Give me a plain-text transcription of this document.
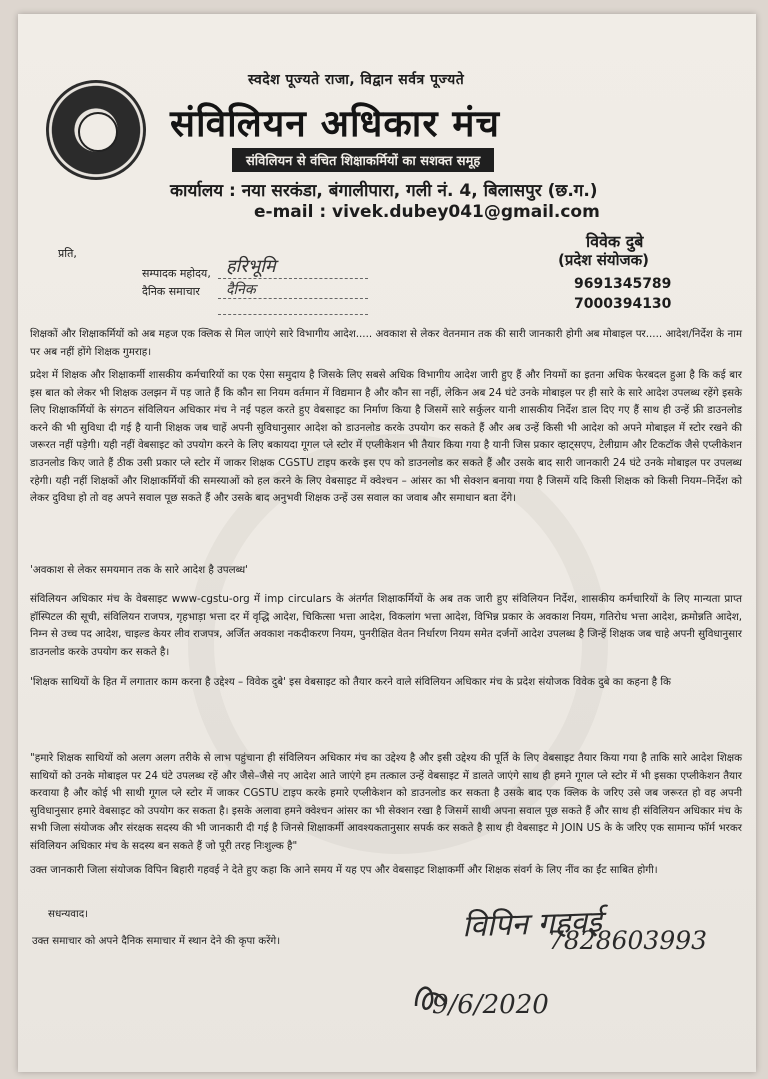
स्वदेश पूज्यते राजा, विद्वान सर्वत्र पूज्यते
संविलियन अधिकार मंच
संविलियन से वंचित शिक्षाकर्मियों का सशक्त समूह
कार्यालय : नया सरकंडा, बंगालीपारा, गली नं. 4, बिलासपुर (छ.ग.)
e-mail : vivek.dubey041@gmail.com
विवेक दुबे
(प्रदेश संयोजक)
9691345789
7000394130
प्रति,
सम्पादक महोदय,
दैनिक समाचार
हरिभूमि
दैनिक
शिक्षकों और शिक्षाकर्मियों को अब महज एक क्लिक से मिल जाएंगे सारे विभागीय आदेश..... अवकाश से लेकर वेतनमान तक की सारी जानकारी होगी अब मोबाइल पर..... आदेश/निर्देश के नाम पर अब नहीं होंगे शिक्षक गुमराह।
प्रदेश में शिक्षक और शिक्षाकर्मी शासकीय कर्मचारियों का एक ऐसा समुदाय है जिसके लिए सबसे अधिक विभागीय आदेश जारी हुए हैं और नियमों का इतना अधिक फेरबदल हुआ है कि कई बार इस बात को लेकर भी शिक्षक उलझन में पड़ जाते हैं कि कौन सा नियम वर्तमान में विद्यमान है और कौन सा नहीं, लेकिन अब 24 घंटे उनके मोबाइल पर ही सारे के सारे आदेश उपलब्ध रहेंगे इसके लिए शिक्षाकर्मियों के संगठन संविलियन अधिकार मंच ने नई पहल करते हुए वेबसाइट का निर्माण किया है जिसमें सारे सर्कुलर यानी शासकीय निर्देश डाल दिए गए हैं साथ ही उन्हें फ्री डाउनलोड करने की भी सुविधा दी गई है यानी शिक्षक जब चाहें अपनी सुविधानुसार आदेश को डाउनलोड करके उपयोग कर सकते हैं और अब उन्हें किसी भी आदेश को अपने मोबाइल में स्टोर रखने की जरूरत नहीं पड़ेगी। यही नहीं वेबसाइट को उपयोग करने के लिए बकायदा गूगल प्ले स्टोर में एप्लीकेशन भी तैयार किया गया है यानी जिस प्रकार व्हाट्सएप, टेलीग्राम और टिकटॉक जैसे एप्लीकेशन डाउनलोड किए जाते हैं ठीक उसी प्रकार प्ले स्टोर में जाकर शिक्षक CGSTU टाइप करके इस एप को डाउनलोड कर सकते हैं और उसके बाद सारी जानकारी 24 घंटे उनके मोबाइल पर उपलब्ध रहेगी। यही नहीं शिक्षकों और शिक्षाकर्मियों की समस्याओं को हल करने के लिए वेबसाइट में क्वेश्चन – आंसर का भी सेक्शन बनाया गया है जिसमें यदि किसी शिक्षक को किसी नियम–निर्देश को लेकर दुविधा हो तो वह अपने सवाल पूछ सकते हैं और उसके बाद अनुभवी शिक्षक उन्हें उस सवाल का जवाब और समाधान बता देंगे।
'अवकाश से लेकर समयमान तक के सारे आदेश है उपलब्ध'
संविलियन अधिकार मंच के वेबसाइट www-cgstu-org में imp circulars के अंतर्गत शिक्षाकर्मियों के अब तक जारी हुए संविलियन निर्देश, शासकीय कर्मचारियों के लिए मान्यता प्राप्त हॉस्पिटल की सूची, संविलियन राजपत्र, गृहभाड़ा भत्ता दर में वृद्धि आदेश, चिकित्सा भत्ता आदेश, विकलांग भत्ता आदेश, विभिन्न प्रकार के अवकाश नियम, गतिरोध भत्ता आदेश, क्रमोन्नति आदेश, निम्न से उच्च पद आदेश, चाइल्ड केयर लीव राजपत्र, अर्जित अवकाश नकदीकरण नियम, पुनरीक्षित वेतन निर्धारण नियम समेत दर्जनों आदेश उपलब्ध है जिन्हें शिक्षक जब चाहे अपनी सुविधानुसार डाउनलोड करके उपयोग कर सकते है।
'शिक्षक साथियों के हित में लगातार काम करना है उद्देश्य – विवेक दुबे' इस वेबसाइट को तैयार करने वाले संविलियन अधिकार मंच के प्रदेश संयोजक विवेक दुबे का कहना है कि
"हमारे शिक्षक साथियों को अलग अलग तरीके से लाभ पहुंचाना ही संविलियन अधिकार मंच का उद्देश्य है और इसी उद्देश्य की पूर्ति के लिए वेबसाइट तैयार किया गया है ताकि सारे आदेश शिक्षक साथियों को उनके मोबाइल पर 24 घंटे उपलब्ध रहें और जैसे–जैसे नए आदेश आते जाएंगे हम तत्काल उन्हें वेबसाइट में डालते जाएंगे साथ ही हमने गूगल प्ले स्टोर में भी इसका एप्लीकेशन तैयार करवाया है और कोई भी साथी गूगल प्ले स्टोर में जाकर CGSTU टाइप करके हमारे एप्लीकेशन को डाउनलोड कर सकता है उसके बाद एक क्लिक के जरिए उसे जब जरूरत हो वह अपनी सुविधानुसार हमारे वेबसाइट को उपयोग कर सकता है। इसके अलावा हमने क्वेश्चन आंसर का भी सेक्शन रखा है जिसमें साथी अपना सवाल पूछ सकते हैं और साथ ही संविलियन अधिकार मंच के सभी जिला संयोजक और संरक्षक सदस्य की भी जानकारी दी गई है जिनसे शिक्षाकर्मी आवश्यकतानुसार सपर्क कर सकते है साथ ही वेबसाइट मे JOIN US के के जरिए एक सामान्य फॉर्म भरकर संविलियन अधिकार मंच के सदस्य बन सकते हैं जो पूरी तरह निःशुल्क है"
उक्त जानकारी जिला संयोजक विपिन बिहारी गहवई ने देते हुए कहा कि आने समय में यह एप और वेबसाइट शिक्षाकर्मी और शिक्षक संवर्ग के लिए नींव का ईंट साबित होगी।
सधन्यवाद।
उक्त समाचार को अपने दैनिक समाचार में स्थान देने की कृपा करेंगे।	विपिन गहवई
7828603993
9/6/2020
